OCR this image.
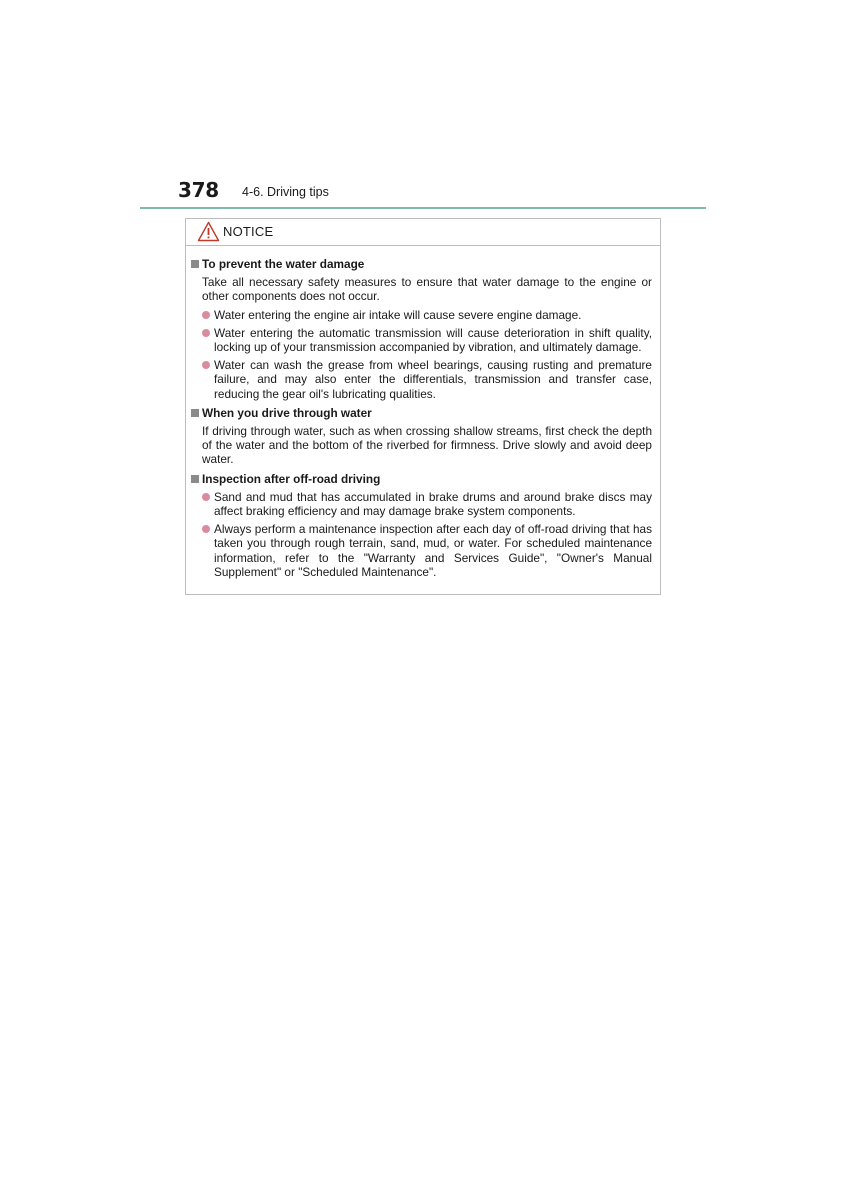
378 4-6. Driving tips
NOTICE
To prevent the water damage
Take all necessary safety measures to ensure that water damage to the engine or other components does not occur.
Water entering the engine air intake will cause severe engine damage.
Water entering the automatic transmission will cause deterioration in shift quality, locking up of your transmission accompanied by vibration, and ultimately damage.
Water can wash the grease from wheel bearings, causing rusting and premature failure, and may also enter the differentials, transmission and transfer case, reducing the gear oil's lubricating qualities.
When you drive through water
If driving through water, such as when crossing shallow streams, first check the depth of the water and the bottom of the riverbed for firmness. Drive slowly and avoid deep water.
Inspection after off-road driving
Sand and mud that has accumulated in brake drums and around brake discs may affect braking efficiency and may damage brake system components.
Always perform a maintenance inspection after each day of off-road driving that has taken you through rough terrain, sand, mud, or water. For scheduled maintenance information, refer to the "Warranty and Services Guide", "Owner's Manual Supplement" or "Scheduled Maintenance".
